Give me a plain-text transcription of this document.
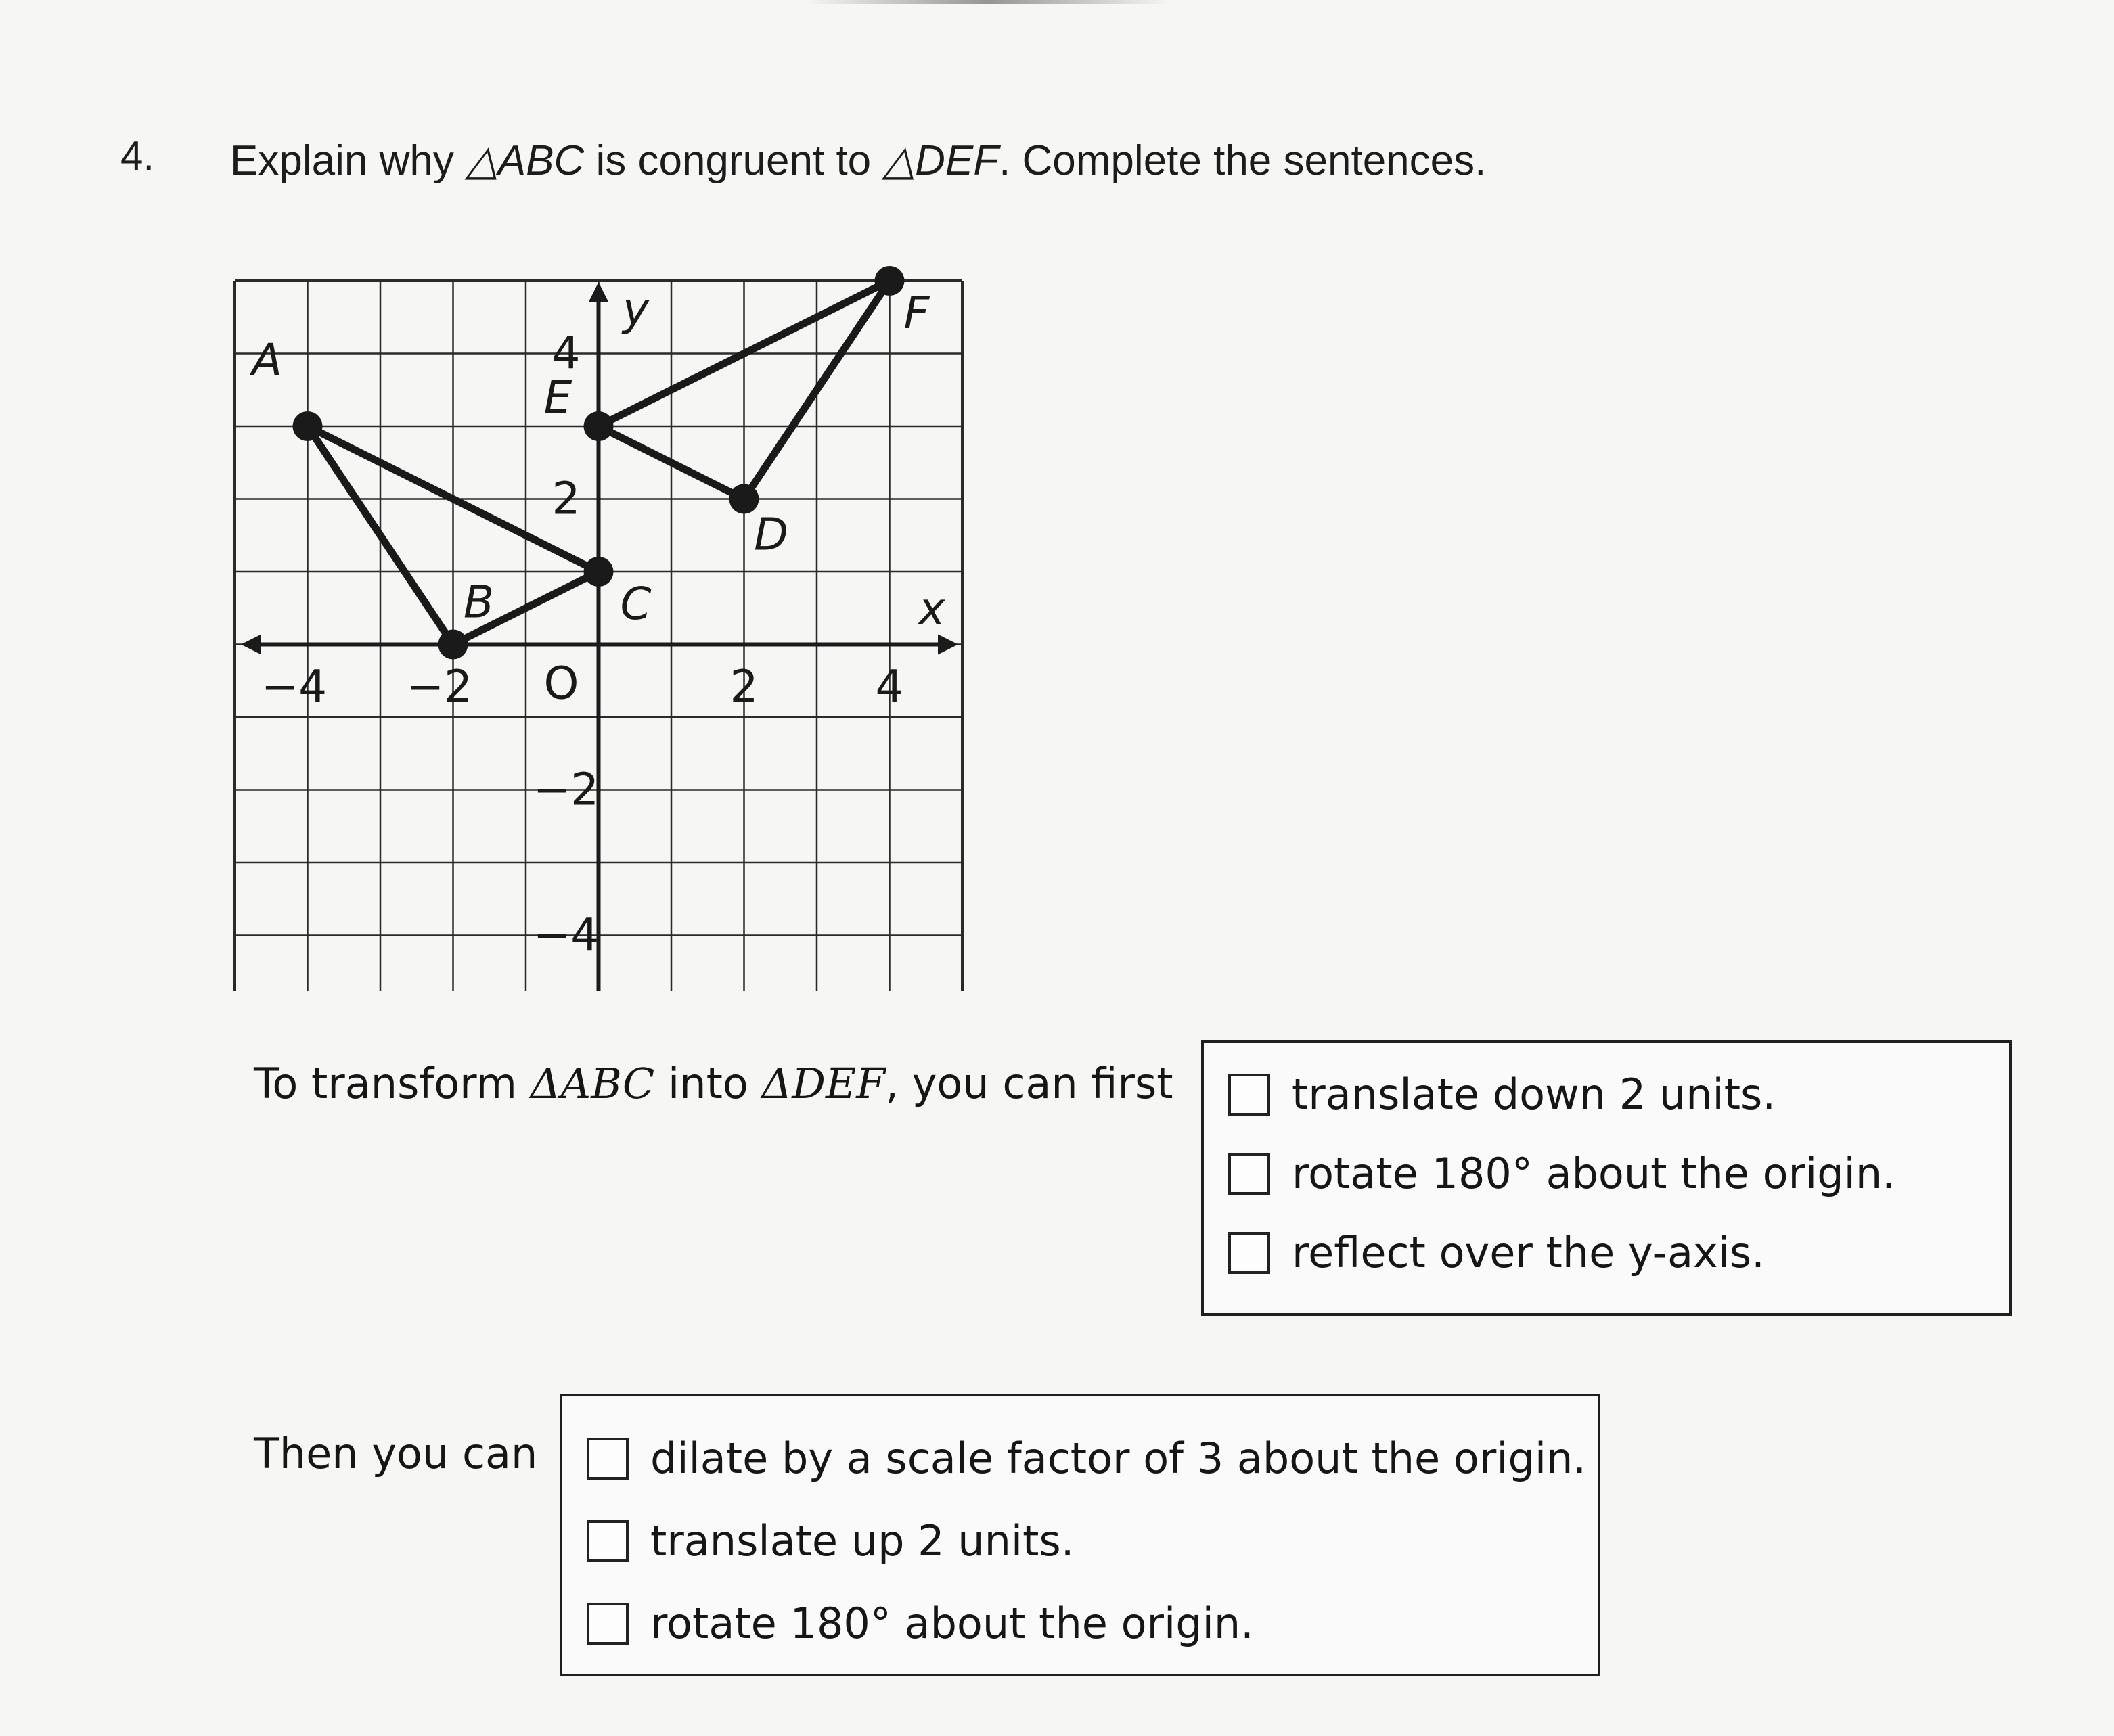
4. Explain why △ABC is congruent to △DEF. Complete the sentences.
A
B	C
D
E
F
y
x
O
−4 −2	2	4
4
2
−2
−4
To transform ΔABC into ΔDEF, you can first	translate down 2 units.
rotate 180° about the origin.
reflect over the y-axis.
Then you can	dilate by a scale factor of 3 about the origin.
translate up 2 units.
rotate 180° about the origin.
